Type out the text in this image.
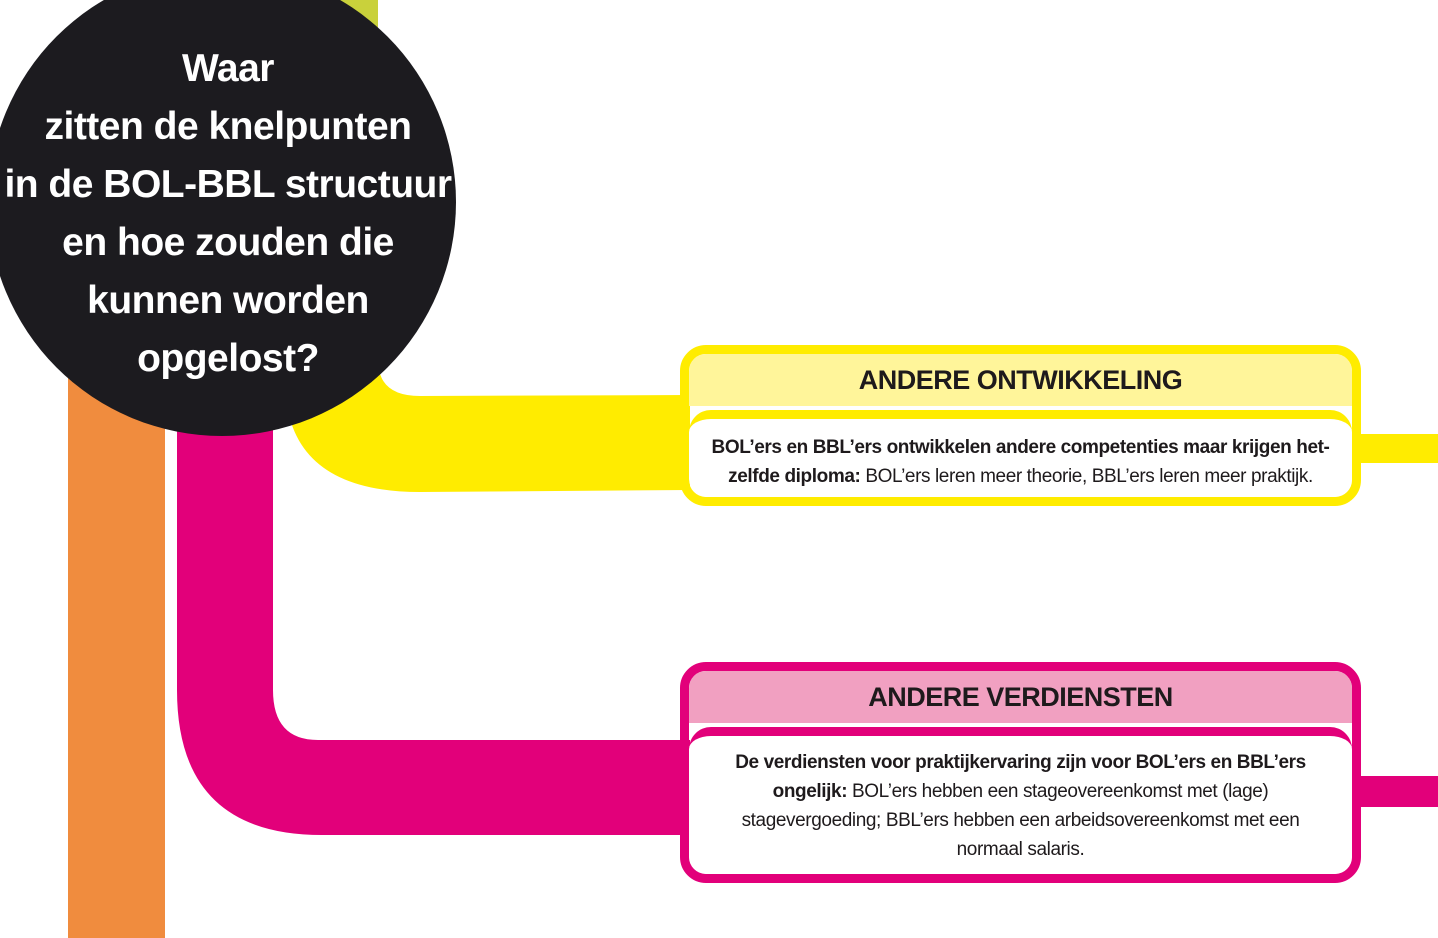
Waar
zitten de knelpunten
in de BOL-BBL structuur
en hoe zouden die
kunnen worden
opgelost?	ANDERE ONTWIKKELING
BOL’ers en BBL’ers ontwikkelen andere competenties maar krijgen het-
zelfde diploma: BOL’ers leren meer theorie, BBL’ers leren meer praktijk.
ANDERE VERDIENSTEN
De verdiensten voor praktijkervaring zijn voor BOL’ers en BBL’ers
ongelijk: BOL’ers hebben een stageovereenkomst met (lage)
stagevergoeding; BBL’ers hebben een arbeidsovereenkomst met een
normaal salaris.
